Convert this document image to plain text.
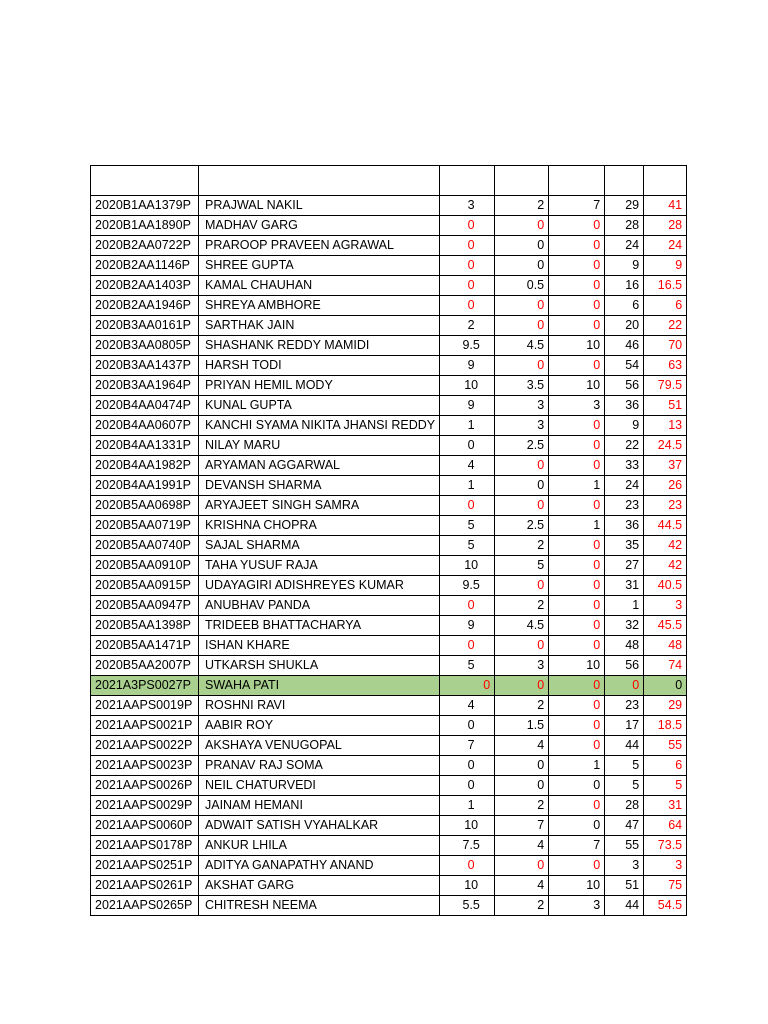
2020B1AA1379P	PRAJWAL NAKIL	3	2	7	29	41
2020B1AA1890P	MADHAV GARG	0	0	0	28	28
2020B2AA0722P	PRAROOP PRAVEEN AGRAWAL	0	0	0	24	24
2020B2AA1146P	SHREE GUPTA	0	0	0	9	9
2020B2AA1403P	KAMAL CHAUHAN	0	0.5	0	16	16.5
2020B2AA1946P	SHREYA AMBHORE	0	0	0	6	6
2020B3AA0161P	SARTHAK JAIN	2	0	0	20	22
2020B3AA0805P	SHASHANK REDDY MAMIDI	9.5	4.5	10	46	70
2020B3AA1437P	HARSH TODI	9	0	0	54	63
2020B3AA1964P	PRIYAN HEMIL MODY	10	3.5	10	56	79.5
2020B4AA0474P	KUNAL GUPTA	9	3	3	36	51
2020B4AA0607P	KANCHI SYAMA NIKITA JHANSI REDDY	1	3	0	9	13
2020B4AA1331P	NILAY MARU	0	2.5	0	22	24.5
2020B4AA1982P	ARYAMAN AGGARWAL	4	0	0	33	37
2020B4AA1991P	DEVANSH SHARMA	1	0	1	24	26
2020B5AA0698P	ARYAJEET SINGH SAMRA	0	0	0	23	23
2020B5AA0719P	KRISHNA CHOPRA	5	2.5	1	36	44.5
2020B5AA0740P	SAJAL SHARMA	5	2	0	35	42
2020B5AA0910P	TAHA YUSUF RAJA	10	5	0	27	42
2020B5AA0915P	UDAYAGIRI ADISHREYES KUMAR	9.5	0	0	31	40.5
2020B5AA0947P	ANUBHAV PANDA	0	2	0	1	3
2020B5AA1398P	TRIDEEB BHATTACHARYA	9	4.5	0	32	45.5
2020B5AA1471P	ISHAN KHARE	0	0	0	48	48
2020B5AA2007P	UTKARSH SHUKLA	5	3	10	56	74
2021A3PS0027P	SWAHA PATI	0	0	0	0	0
2021AAPS0019P	ROSHNI RAVI	4	2	0	23	29
2021AAPS0021P	AABIR ROY	0	1.5	0	17	18.5
2021AAPS0022P	AKSHAYA VENUGOPAL	7	4	0	44	55
2021AAPS0023P	PRANAV RAJ SOMA	0	0	1	5	6
2021AAPS0026P	NEIL CHATURVEDI	0	0	0	5	5
2021AAPS0029P	JAINAM HEMANI	1	2	0	28	31
2021AAPS0060P	ADWAIT SATISH VYAHALKAR	10	7	0	47	64
2021AAPS0178P	ANKUR LHILA	7.5	4	7	55	73.5
2021AAPS0251P	ADITYA GANAPATHY ANAND	0	0	0	3	3
2021AAPS0261P	AKSHAT GARG	10	4	10	51	75
2021AAPS0265P	CHITRESH NEEMA	5.5	2	3	44	54.5
